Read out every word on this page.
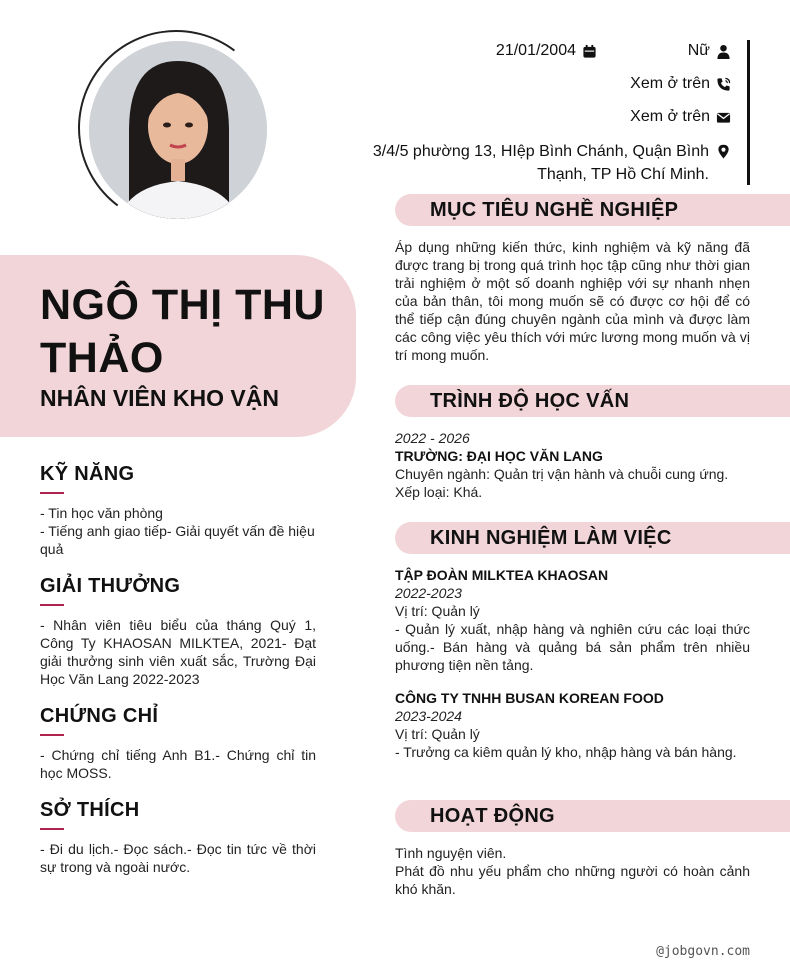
NGÔ THỊ THU THẢO
NHÂN VIÊN KHO VẬN
KỸ NĂNG

- Tin học văn phòng
- Tiếng anh giao tiếp- Giải quyết vấn đề hiệu quả

GIẢI THƯỞNG

- Nhân viên tiêu biểu của tháng Quý 1, Công Ty KHAOSAN MILKTEA, 2021- Đạt giải thưởng sinh viên xuất sắc, Trường Đại Học Văn Lang 2022-2023

CHỨNG CHỈ

- Chứng chỉ tiếng Anh B1.- Chứng chỉ tin học MOSS.

SỞ THÍCH

- Đi du lịch.- Đọc sách.- Đọc tin tức về thời sự trong và ngoài nước.

21/01/2004	Nữ
Xem ở trên
Xem ở trên
3/4/5 phường 13, HIệp Bình Chánh, Quận Bình Thạnh, TP Hồ Chí Minh.
MỤC TIÊU NGHỀ NGHIỆP

Áp dụng những kiến thức, kinh nghiệm và kỹ năng đã được trang bị trong quá trình học tập cũng như thời gian trải nghiệm ở một số doanh nghiệp với sự nhanh nhẹn của bản thân, tôi mong muốn sẽ có được cơ hội để có thể tiếp cận đúng chuyên ngành của mình và được làm các công việc yêu thích với mức lương mong muốn và vị trí mong muốn.

TRÌNH ĐỘ HỌC VẤN
2022 - 2026
TRƯỜNG: ĐẠI HỌC VĂN LANG
Chuyên ngành: Quản trị vận hành và chuỗi cung ứng.
Xếp loại: Khá.
KINH NGHIỆM LÀM VIỆC
TẬP ĐOÀN MILKTEA KHAOSAN
2022-2023
Vị trí: Quản lý

- Quản lý xuất, nhập hàng và nghiên cứu các loại thức uống.- Bán hàng và quảng bá sản phẩm trên nhiều phương tiện nền tảng.

CÔNG TY TNHH BUSAN KOREAN FOOD
2023-2024
Vị trí: Quản lý

- Trưởng ca kiêm quản lý kho, nhập hàng và bán hàng.

HOẠT ĐỘNG
Tình nguyện viên.

Phát đồ nhu yếu phẩm cho những người có hoàn cảnh khó khăn.

@jobgovn.com
